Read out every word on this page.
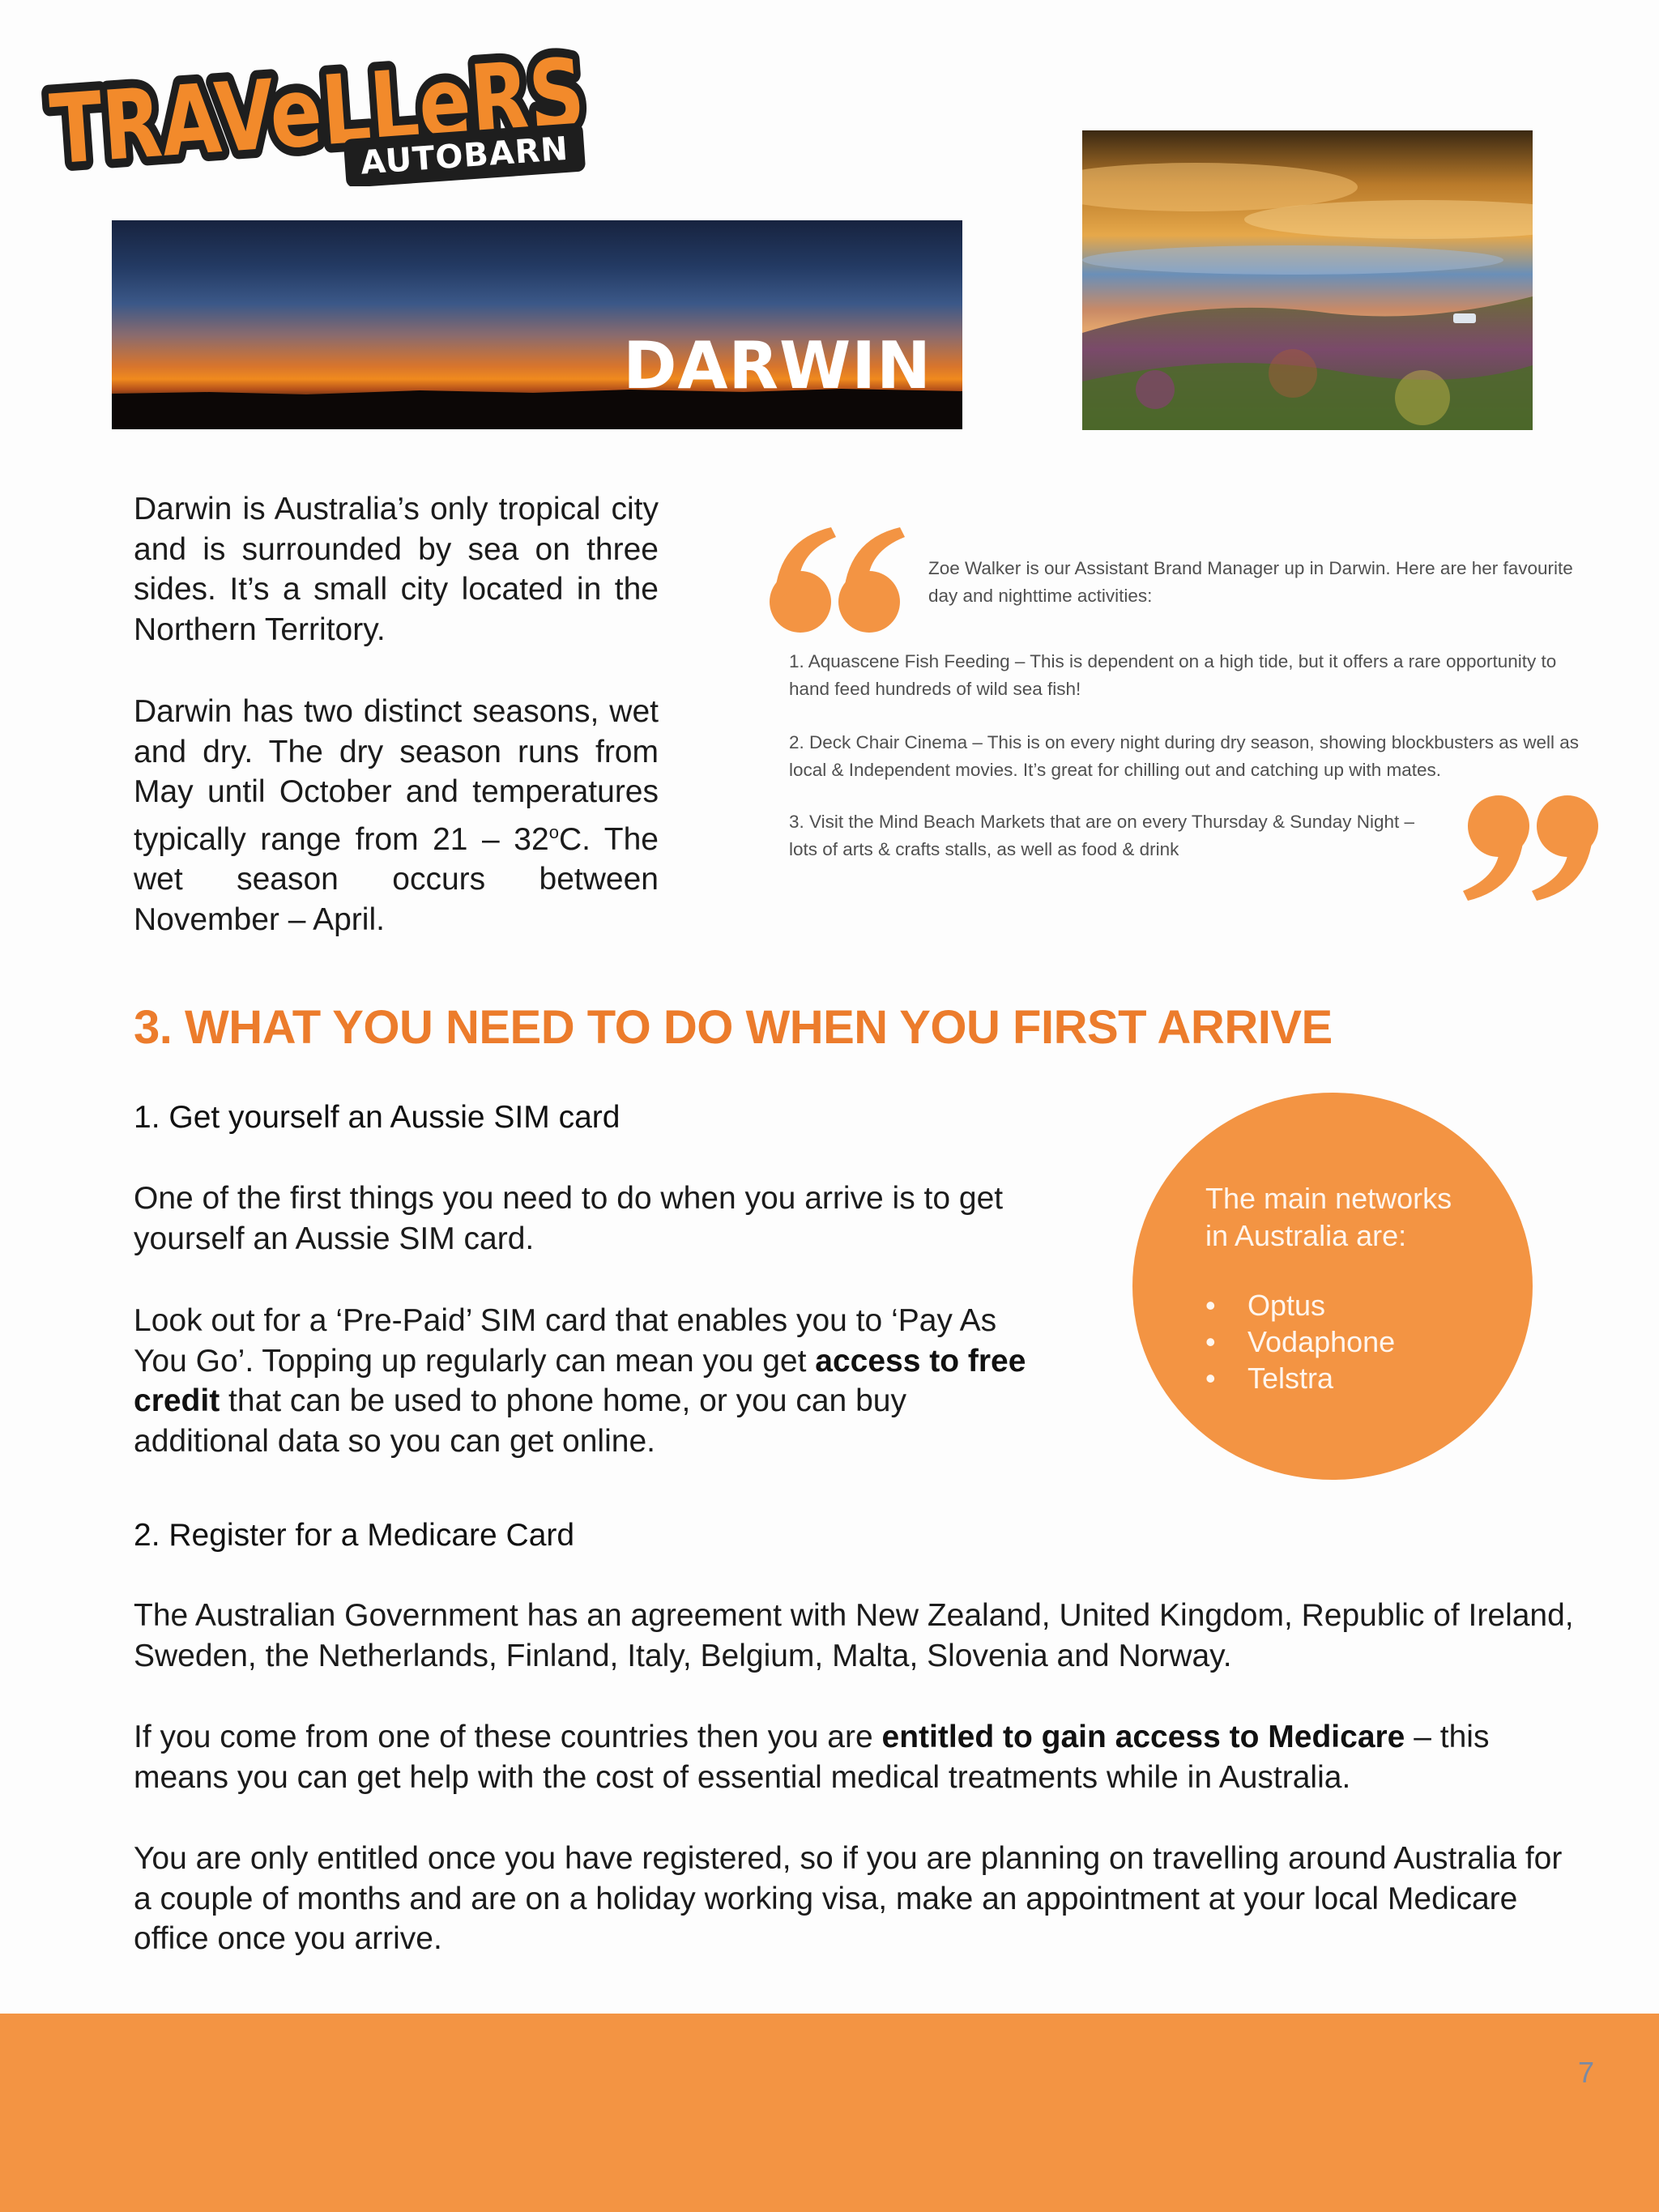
TRAVeLLeRS
AUTOBARN
DARWIN

Darwin is Australia’s only tropical city and is surrounded by sea on three sides. It’s a small city located in the Northern Territory.

Darwin has two distinct seasons, wet and dry. The dry season runs from May until October and temperatures typically range from 21 – 32$^o$C. The wet season occurs between November – April.

Zoe Walker is our Assistant Brand Manager up in Darwin. Here are her favourite day and nighttime activities:

1. Aquascene Fish Feeding – This is dependent on a high tide, but it offers a rare opportunity to hand feed hundreds of wild sea fish!

2. Deck Chair Cinema – This is on every night during dry season, showing blockbusters as well as local & Independent movies. It’s great for chilling out and catching up with mates.

3. Visit the Mind Beach Markets that are on every Thursday & Sunday Night – lots of arts & crafts stalls, as well as food & drink

3. WHAT YOU NEED TO DO WHEN YOU FIRST ARRIVE
1. Get yourself an Aussie SIM card

One of the first things you need to do when you arrive is to get yourself an Aussie SIM card.

Look out for a ‘Pre-Paid’ SIM card that enables you to ‘Pay As You Go’. Topping up regularly can mean you get access to free credit that can be used to phone home, or you can buy additional data so you can get online.

The main networks in Australia are:

• Optus
• Vodaphone
• Telstra
2. Register for a Medicare Card

The Australian Government has an agreement with New Zealand, United Kingdom, Republic of Ireland, Sweden, the Netherlands, Finland, Italy, Belgium, Malta, Slovenia and Norway.

If you come from one of these countries then you are entitled to gain access to Medicare – this means you can get help with the cost of essential medical treatments while in Australia.

You are only entitled once you have registered, so if you are planning on travelling around Australia for a couple of months and are on a holiday working visa, make an appointment at your local Medicare office once you arrive.

7
